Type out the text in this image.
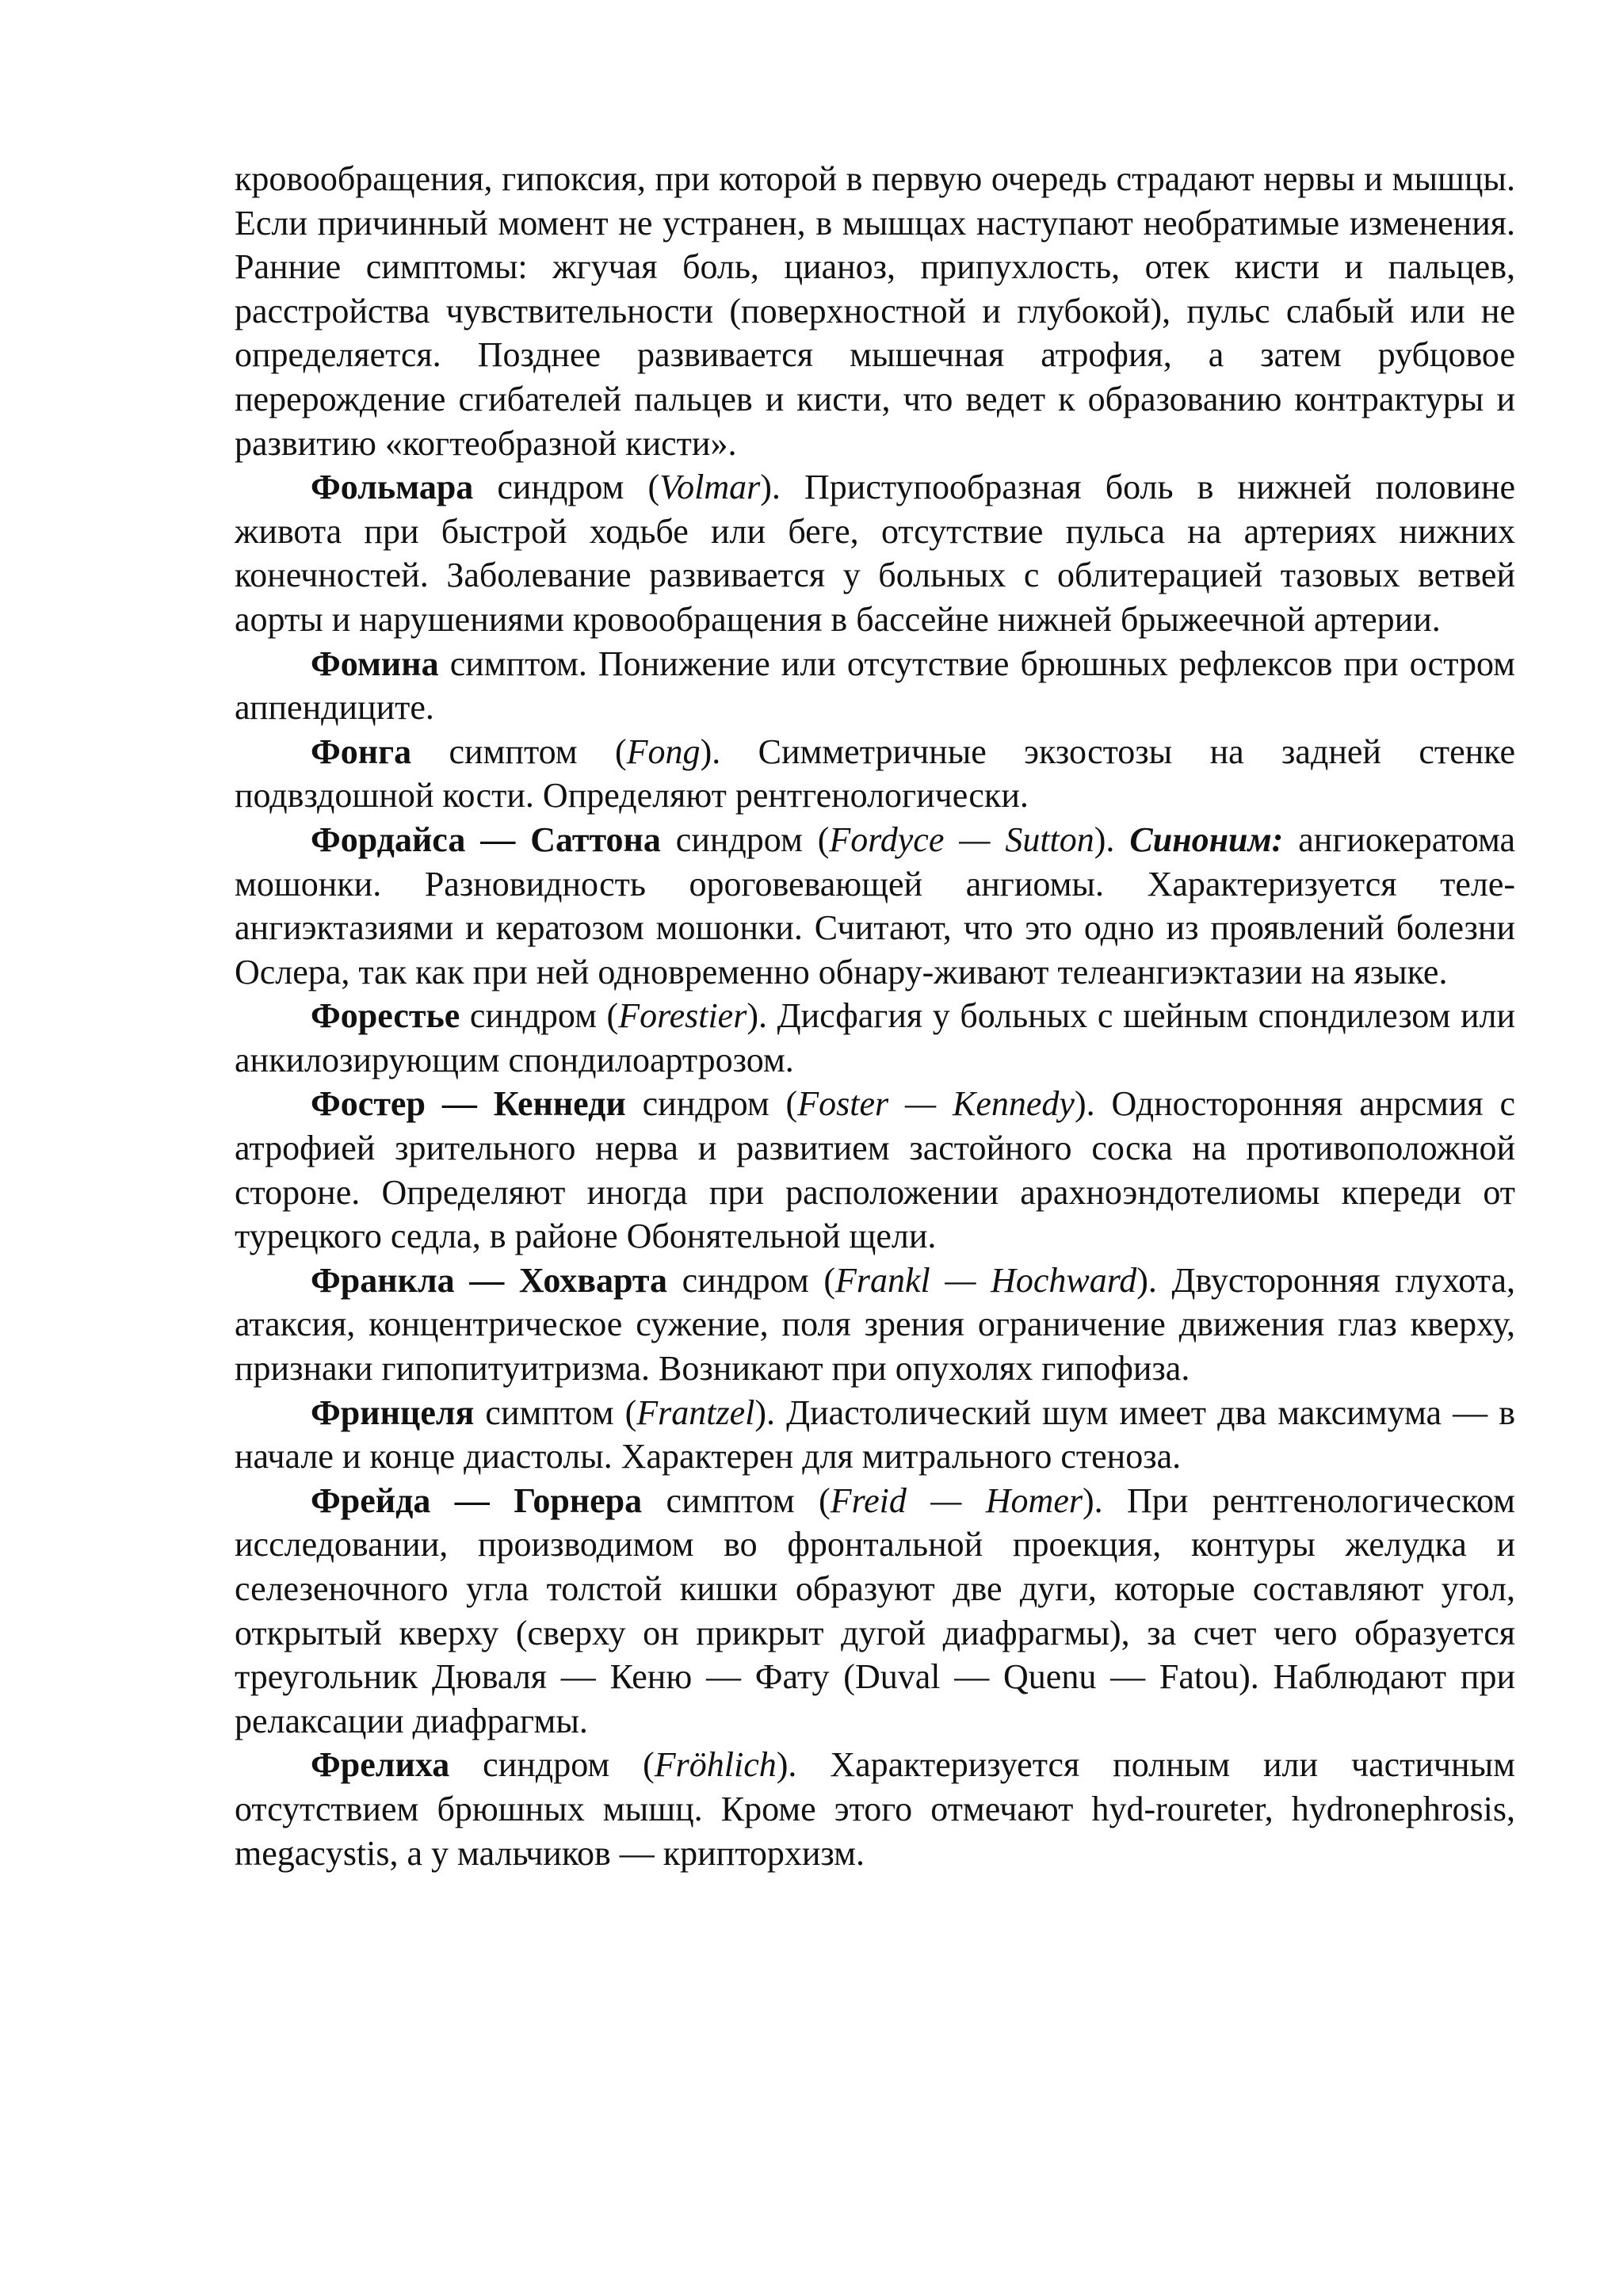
кровообращения, гипоксия, при которой в первую очередь страдают нервы и мышцы. Если причинный момент не устранен, в мышцах наступают необратимые изменения. Ранние симптомы: жгучая боль, цианоз, припухлость, отек кисти и пальцев, расстройства чувствительности (поверхностной и глубокой), пульс слабый или не определяется. Позднее развивается мышечная атрофия, а затем рубцовое перерождение сгибателей пальцев и кисти, что ведет к образованию контрактуры и развитию «когтеобразной кисти».

Фольмара синдром (Volmar). Приступообразная боль в нижней половине живота при быстрой ходьбе или беге, отсутствие пульса на артериях нижних конечностей. Заболевание развивается у больных с облитерацией тазовых ветвей аорты и нарушениями кровообращения в бассейне нижней брыжеечной артерии.

Фомина симптом. Понижение или отсутствие брюшных рефлексов при остром аппендиците.

Фонга симптом (Fong). Симметричные экзостозы на задней стенке подвздошной кости. Определяют рентгенологически.

Фордайса — Саттона синдром (Fordyce — Sutton). Синоним: ангиокератома мошонки. Разновидность ороговевающей ангиомы. Характеризуется теле-ангиэктазиями и кератозом мошонки. Считают, что это одно из проявлений болезни Ослера, так как при ней одновременно обнару-живают телеангиэктазии на языке.

Форестье синдром (Forestier). Дисфагия у больных с шейным спондилезом или анкилозирующим спондилоартрозом.

Фостер — Кеннеди синдром (Foster — Kennedy). Односторонняя анрсмия с атрофией зрительного нерва и развитием застойного соска на противоположной стороне. Определяют иногда при расположении арахноэндотелиомы кпереди от турецкого седла, в районе Обонятельной щели.

Франкла — Хохварта синдром (Frankl — Hochward). Двусторонняя глухота, атаксия, концентрическое сужение, поля зрения ограничение движения глаз кверху, признаки гипопитуитризма. Возникают при опухолях гипофиза.

Фринцеля симптом (Frantzel). Диастолический шум имеет два максимума — в начале и конце диастолы. Характерен для митрального стеноза.

Фрейда — Горнера симптом (Freid — Homer). При рентгенологическом исследовании, производимом во фронтальной проекция, контуры желудка и селезеночного угла толстой кишки образуют две дуги, которые составляют угол, открытый кверху (сверху он прикрыт дугой диафрагмы), за счет чего образуется треугольник Дюваля — Кеню — Фату (Duval — Quenu — Fatou). Наблюдают при релаксации диафрагмы.

Фрелиха синдром (Fröhlich). Характеризуется полным или частичным отсутствием брюшных мышц. Кроме этого отмечают hyd-roureter, hydronephrosis, megacystis, а у мальчиков — крипторхизм.
